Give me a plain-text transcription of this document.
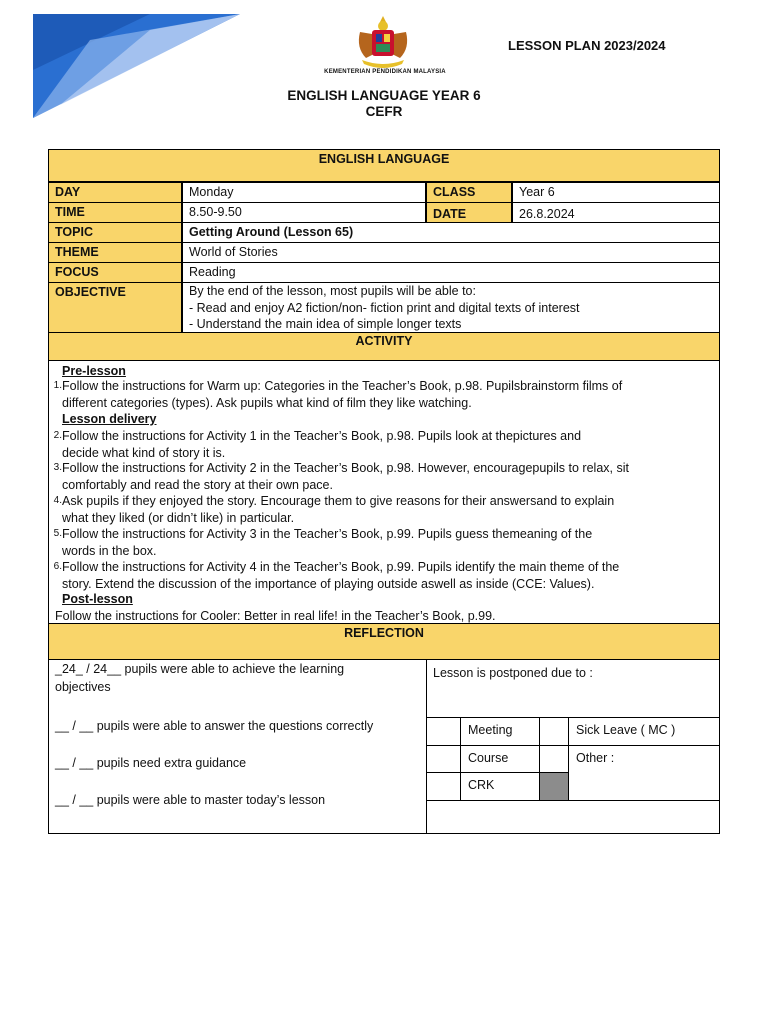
KEMENTERIAN PENDIDIKAN MALAYSIA
LESSON PLAN 2023/2024
ENGLISH LANGUAGE YEAR 6
CEFR
ENGLISH LANGUAGE
DAY	Monday	CLASS	Year 6
TIME	8.50-9.50	DATE	26.8.2024
TOPIC	Getting Around (Lesson 65)
THEME	World of Stories
FOCUS	Reading
OBJECTIVE	By the end of the lesson, most pupils will be able to:
- Read and enjoy A2 fiction/non- fiction print and digital texts of interest
- Understand the main idea of simple longer texts
ACTIVITY
Pre-lesson
1. Follow the instructions for Warm up: Categories in the Teacher’s Book, p.98. Pupilsbrainstorm films of
different categories (types). Ask pupils what kind of film they like watching.
Lesson delivery
2. Follow the instructions for Activity 1 in the Teacher’s Book, p.98. Pupils look at thepictures and
decide what kind of story it is.
3. Follow the instructions for Activity 2 in the Teacher’s Book, p.98. However, encouragepupils to relax, sit
comfortably and read the story at their own pace.
4. Ask pupils if they enjoyed the story. Encourage them to give reasons for their answersand to explain
what they liked (or didn’t like) in particular.
5. Follow the instructions for Activity 3 in the Teacher’s Book, p.99. Pupils guess themeaning of the
words in the box.
6. Follow the instructions for Activity 4 in the Teacher’s Book, p.99. Pupils identify the main theme of the
story. Extend the discussion of the importance of playing outside aswell as inside (CCE: Values).
Post-lesson
Follow the instructions for Cooler: Better in real life! in the Teacher’s Book, p.99.
REFLECTION
_24_ / 24__ pupils were able to achieve the learning
objectives
__ / __ pupils were able to answer the questions correctly
__ / __ pupils need extra guidance
__ / __ pupils were able to master today’s lesson
Lesson is postponed due to :
Meeting	Sick Leave ( MC )
Course	Other :
CRK
